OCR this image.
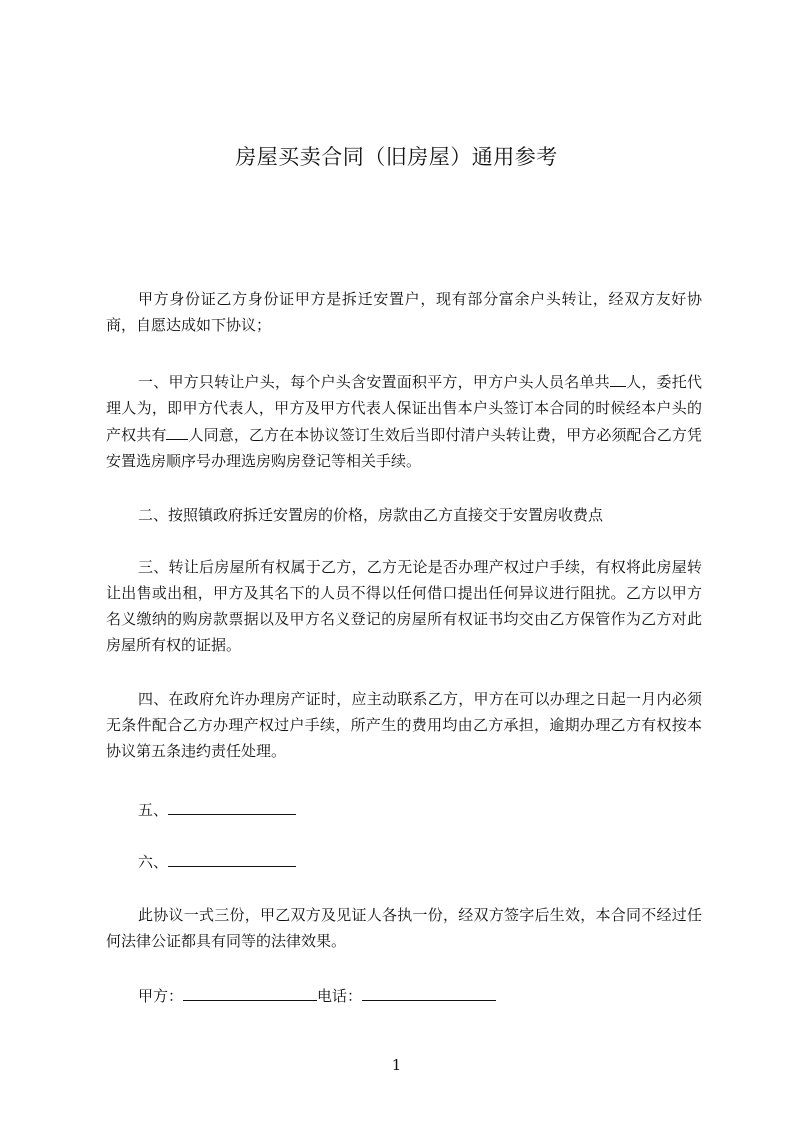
房屋买卖合同（旧房屋）通用参考

甲方身份证乙方身份证甲方是拆迁安置户，现有部分富余户头转让，经双方友好协商，自愿达成如下协议；

一、甲方只转让户头，每个户头含安置面积平方，甲方户头人员名单共 人，委托代理人为，即甲方代表人，甲方及甲方代表人保证出售本户头签订本合同的时候经本户头的产权共有 人同意，乙方在本协议签订生效后当即付清户头转让费，甲方必须配合乙方凭安置选房顺序号办理选房购房登记等相关手续。

二、按照镇政府拆迁安置房的价格，房款由乙方直接交于安置房收费点

三、转让后房屋所有权属于乙方，乙方无论是否办理产权过户手续，有权将此房屋转让出售或出租，甲方及其名下的人员不得以任何借口提出任何异议进行阻扰。乙方以甲方名义缴纳的购房款票据以及甲方名义登记的房屋所有权证书均交由乙方保管作为乙方对此房屋所有权的证据。

四、在政府允许办理房产证时，应主动联系乙方，甲方在可以办理之日起一月内必须无条件配合乙方办理产权过户手续，所产生的费用均由乙方承担，逾期办理乙方有权按本协议第五条违约责任处理。

五、

六、

此协议一式三份，甲乙双方及见证人各执一份，经双方签字后生效，本合同不经过任何法律公证都具有同等的法律效果。

甲方：	电话：

1
